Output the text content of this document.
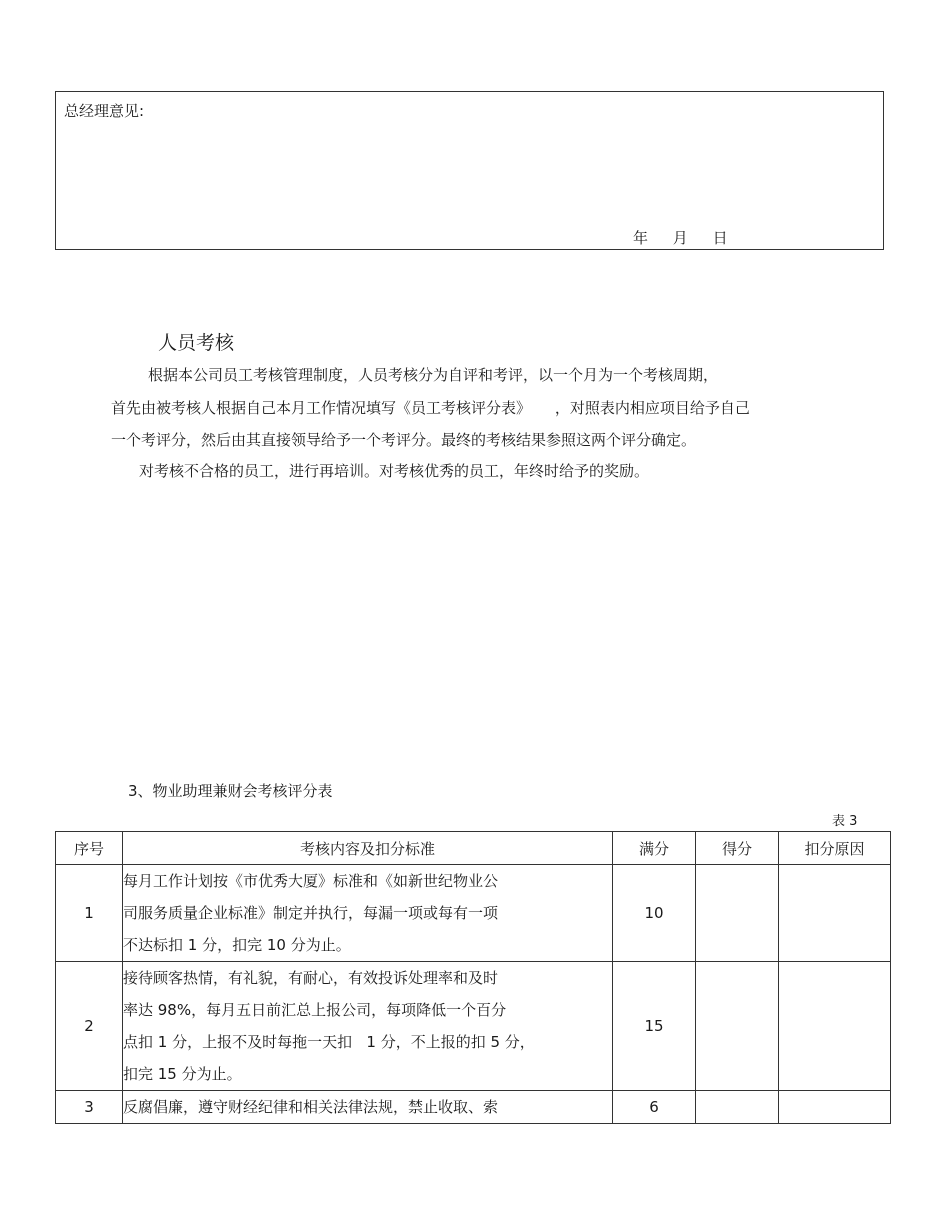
总经理意见:
年 月 日
人员考核
根据本公司员工考核管理制度，人员考核分为自评和考评，以一个月为一个考核周期，
首先由被考核人根据自己本月工作情况填写《员工考核评分表》     ，对照表内相应项目给予自己
一个考评分，然后由其直接领导给予一个考评分。最终的考核结果参照这两个评分确定。
对考核不合格的员工，进行再培训。对考核优秀的员工，年终时给予的奖励。
3、物业助理兼财会考核评分表
表 3
序号	考核内容及扣分标准	满分	得分	扣分原因
1	每月工作计划按《市优秀大厦》标准和《如新世纪物业公
司服务质量企业标准》制定并执行，每漏一项或每有一项
不达标扣 1 分，扣完 10 分为止。	10		
2	接待顾客热情，有礼貌，有耐心，有效投诉处理率和及时
率达 98%，每月五日前汇总上报公司，每项降低一个百分
点扣 1 分，上报不及时每拖一天扣   1 分，不上报的扣 5 分，
扣完 15 分为止。	15		
3	反腐倡廉，遵守财经纪律和相关法律法规，禁止收取、索	6		
